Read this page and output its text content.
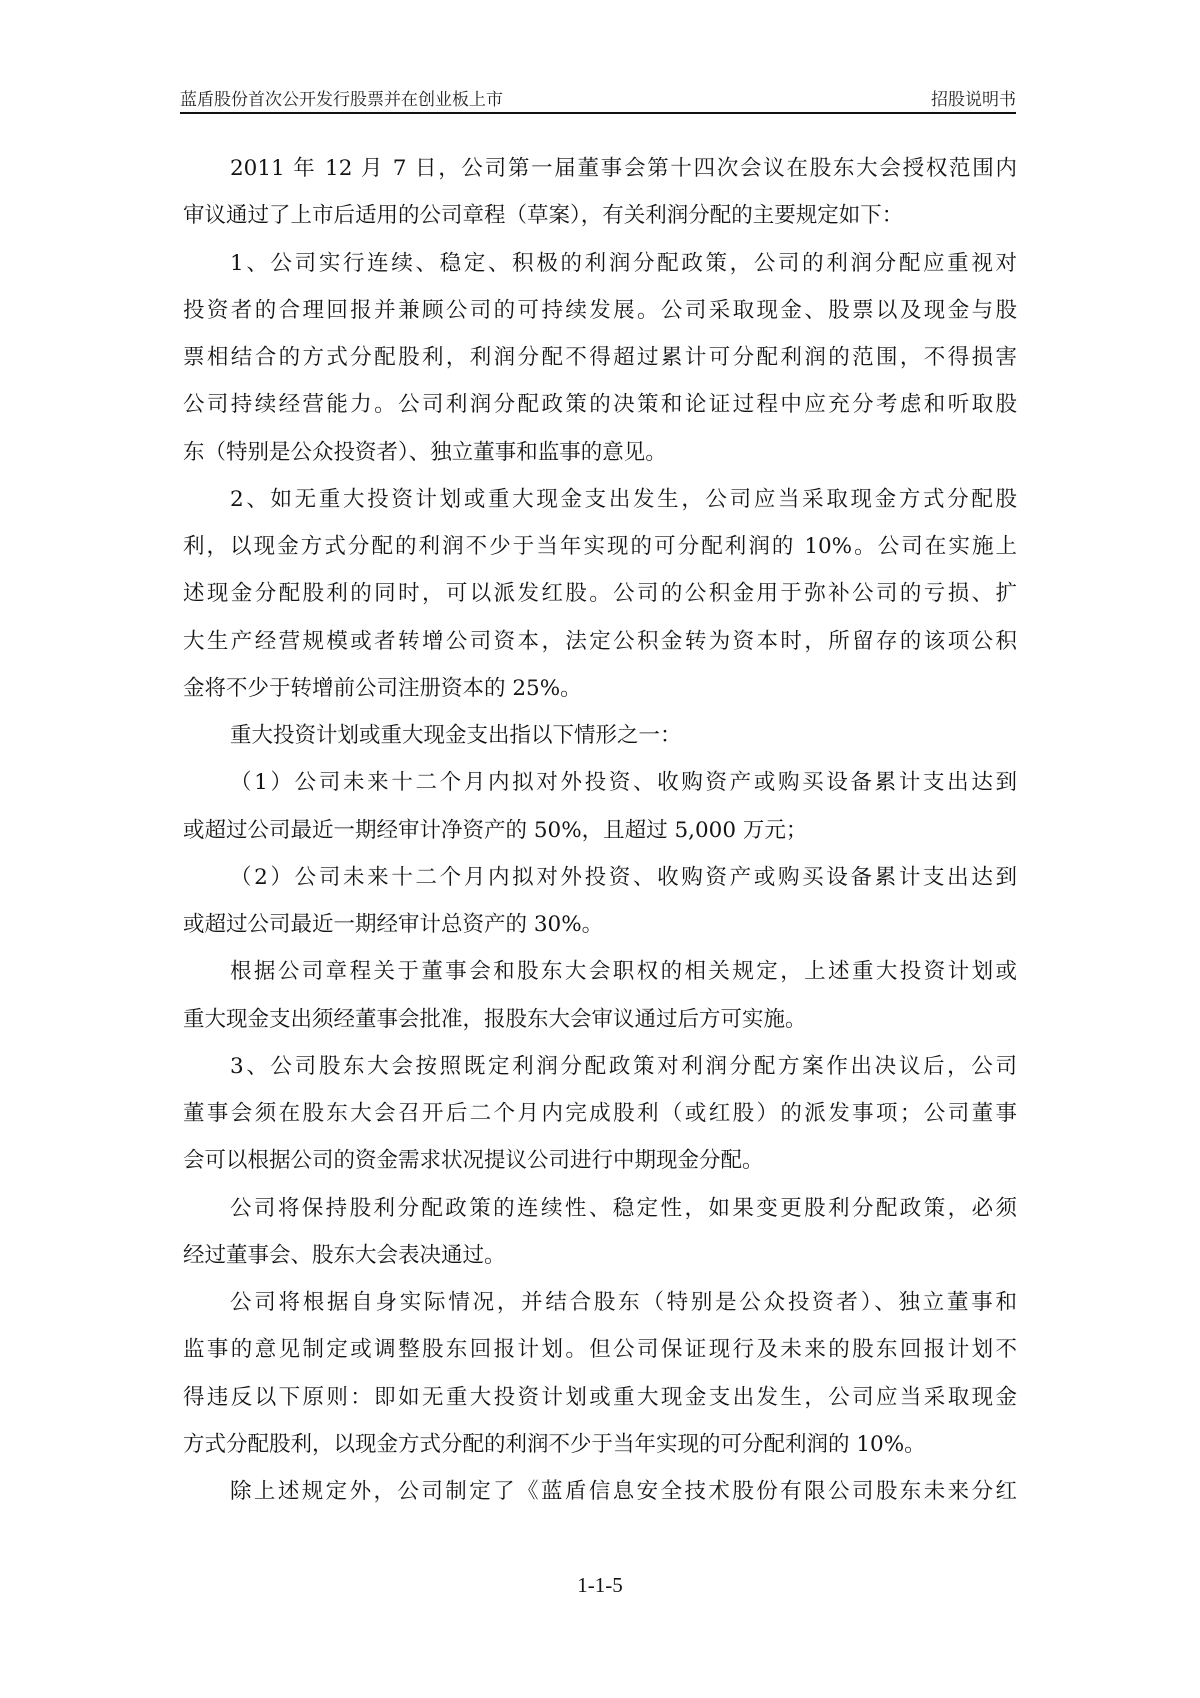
蓝盾股份首次公开发行股票并在创业板上市	招股说明书
2011 年 12 月 7 日，公司第一届董事会第十四次会议在股东大会授权范围内
审议通过了上市后适用的公司章程（草案），有关利润分配的主要规定如下：
1、公司实行连续、稳定、积极的利润分配政策，公司的利润分配应重视对
投资者的合理回报并兼顾公司的可持续发展。公司采取现金、股票以及现金与股
票相结合的方式分配股利，利润分配不得超过累计可分配利润的范围，不得损害
公司持续经营能力。公司利润分配政策的决策和论证过程中应充分考虑和听取股
东（特别是公众投资者）、独立董事和监事的意见。
2、如无重大投资计划或重大现金支出发生，公司应当采取现金方式分配股
利，以现金方式分配的利润不少于当年实现的可分配利润的 10%。公司在实施上
述现金分配股利的同时，可以派发红股。公司的公积金用于弥补公司的亏损、扩
大生产经营规模或者转增公司资本，法定公积金转为资本时，所留存的该项公积
金将不少于转增前公司注册资本的 25%。
重大投资计划或重大现金支出指以下情形之一：
（1）公司未来十二个月内拟对外投资、收购资产或购买设备累计支出达到
或超过公司最近一期经审计净资产的 50%，且超过 5,000 万元；
（2）公司未来十二个月内拟对外投资、收购资产或购买设备累计支出达到
或超过公司最近一期经审计总资产的 30%。
根据公司章程关于董事会和股东大会职权的相关规定，上述重大投资计划或
重大现金支出须经董事会批准，报股东大会审议通过后方可实施。
3、公司股东大会按照既定利润分配政策对利润分配方案作出决议后，公司
董事会须在股东大会召开后二个月内完成股利（或红股）的派发事项；公司董事
会可以根据公司的资金需求状况提议公司进行中期现金分配。
公司将保持股利分配政策的连续性、稳定性，如果变更股利分配政策，必须
经过董事会、股东大会表决通过。
公司将根据自身实际情况，并结合股东（特别是公众投资者）、独立董事和
监事的意见制定或调整股东回报计划。但公司保证现行及未来的股东回报计划不
得违反以下原则：即如无重大投资计划或重大现金支出发生，公司应当采取现金
方式分配股利，以现金方式分配的利润不少于当年实现的可分配利润的 10%。
除上述规定外，公司制定了《蓝盾信息安全技术股份有限公司股东未来分红
1-1-5
